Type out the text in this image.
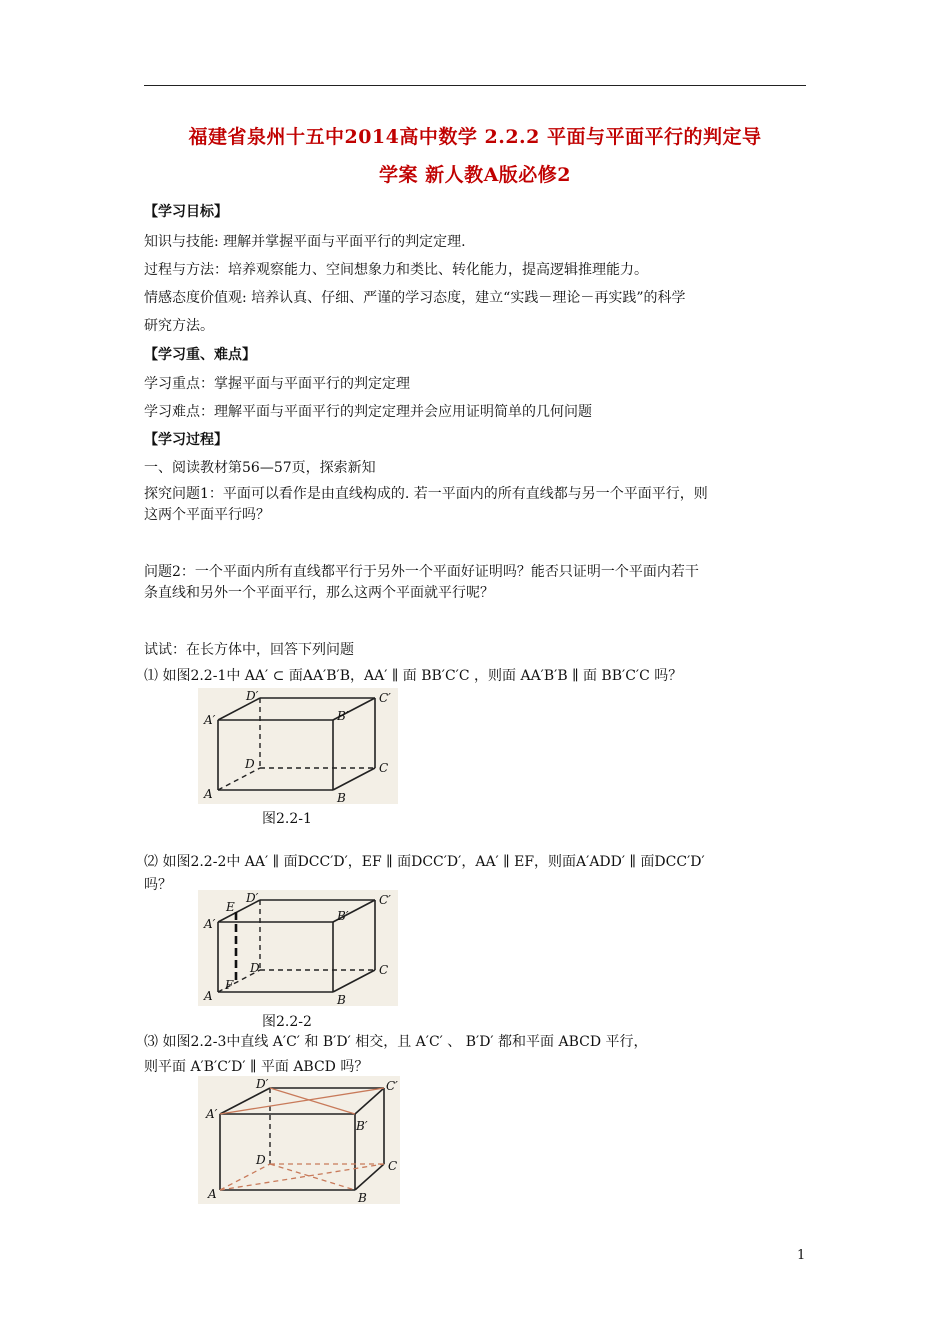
福建省泉州十五中2014高中数学 2.2.2 平面与平面平行的判定导
学案 新人教A版必修2
【学习目标】
知识与技能: 理解并掌握平面与平面平行的判定定理.
过程与方法：培养观察能力、空间想象力和类比、转化能力，提高逻辑推理能力。
情感态度价值观: 培养认真、仔细、严谨的学习态度，建立“实践－理论－再实践”的科学
研究方法。
【学习重、难点】
学习重点：掌握平面与平面平行的判定定理
学习难点：理解平面与平面平行的判定定理并会应用证明简单的几何问题
【学习过程】
一、阅读教材第56—57页，探索新知
探究问题1：平面可以看作是由直线构成的. 若一平面内的所有直线都与另一个平面平行，则
这两个平面平行吗？
问题2：一个平面内所有直线都平行于另外一个平面好证明吗？能否只证明一个平面内若干
条直线和另外一个平面平行，那么这两个平面就平行呢？
试试：在长方体中，回答下列问题
⑴ 如图2.2-1中 AA′ ⊂ 面AA′B′B，AA′ ∥ 面 BB′C′C ，则面 AA′B′B ∥ 面 BB′C′C 吗？
A	B
C
D
A′	B′
C′
D′
图2.2-1
⑵ 如图2.2-2中 AA′ ∥ 面DCC′D′，EF ∥ 面DCC′D′，AA′ ∥ EF，则面A′ADD′ ∥ 面DCC′D′
吗？
A	B
C
D
A′
B′
C′
D′
E
F
图2.2-2
⑶ 如图2.2-3中直线 A′C′ 和 B′D′ 相交，且 A′C′ 、 B′D′ 都和平面 ABCD 平行，
则平面 A′B′C′D′ ∥ 平面 ABCD 吗？
A	B
C
D
A′
B′
C′
D′
1
